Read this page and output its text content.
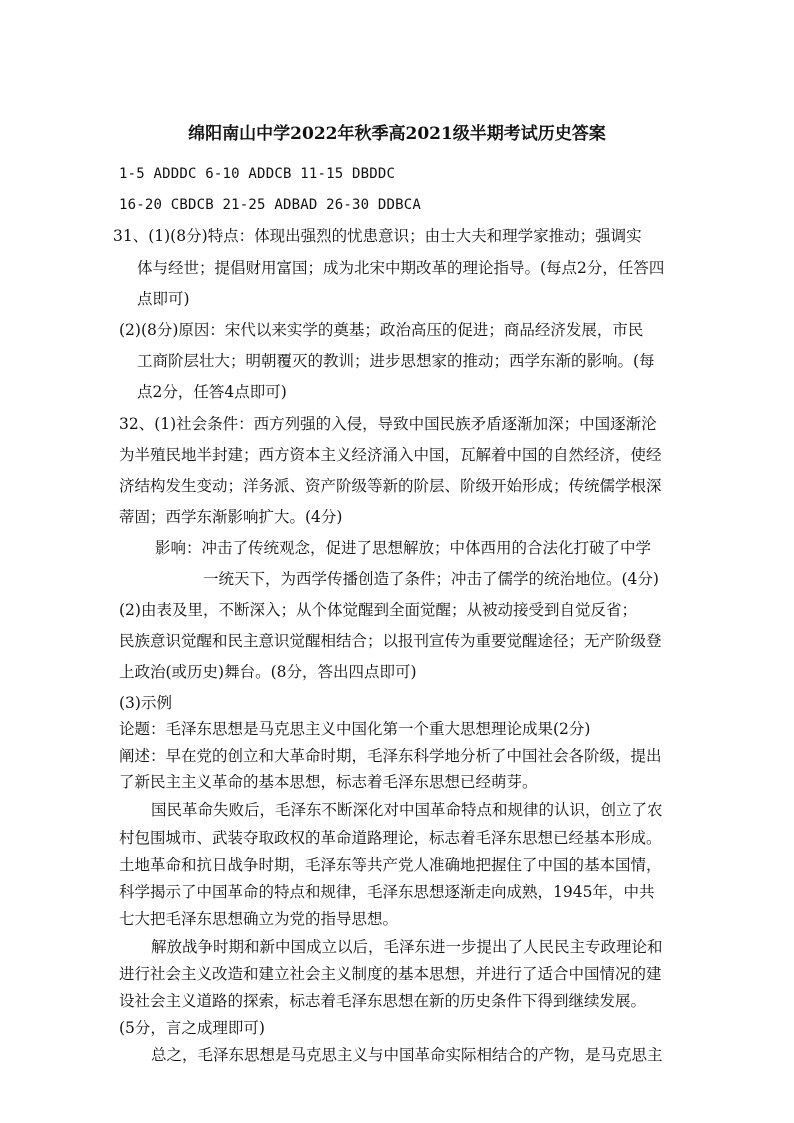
绵阳南山中学2022年秋季高2021级半期考试历史答案
1-5 ADDDC 6-10 ADDCB 11-15 DBDDC
16-20 CBDCB 21-25 ADBAD 26-30 DDBCA
31、(1)(8分)特点：体现出强烈的忧患意识；由士大夫和理学家推动；强调实
体与经世；提倡财用富国；成为北宋中期改革的理论指导。(每点2分，任答四
点即可)
(2)(8分)原因：宋代以来实学的奠基；政治高压的促进；商品经济发展，市民
工商阶层壮大；明朝覆灭的教训；进步思想家的推动；西学东渐的影响。(每
点2分，任答4点即可)
32、(1)社会条件：西方列强的入侵，导致中国民族矛盾逐渐加深；中国逐渐沦
为半殖民地半封建；西方资本主义经济涌入中国，瓦解着中国的自然经济，使经
济结构发生变动；洋务派、资产阶级等新的阶层、阶级开始形成；传统儒学根深
蒂固；西学东渐影响扩大。(4分)
影响：冲击了传统观念，促进了思想解放；中体西用的合法化打破了中学
一统天下，为西学传播创造了条件；冲击了儒学的统治地位。(4分)
(2)由表及里，不断深入；从个体觉醒到全面觉醒；从被动接受到自觉反省；
民族意识觉醒和民主意识觉醒相结合；以报刊宣传为重要觉醒途径；无产阶级登
上政治(或历史)舞台。(8分，答出四点即可)
(3)示例
论题：毛泽东思想是马克思主义中国化第一个重大思想理论成果(2分)
阐述：早在党的创立和大革命时期，毛泽东科学地分析了中国社会各阶级，提出
了新民主主义革命的基本思想，标志着毛泽东思想已经萌芽。
国民革命失败后，毛泽东不断深化对中国革命特点和规律的认识，创立了农
村包围城市、武装夺取政权的革命道路理论，标志着毛泽东思想已经基本形成。
土地革命和抗日战争时期，毛泽东等共产党人准确地把握住了中国的基本国情，
科学揭示了中国革命的特点和规律，毛泽东思想逐渐走向成熟，1945年，中共
七大把毛泽东思想确立为党的指导思想。
解放战争时期和新中国成立以后，毛泽东进一步提出了人民民主专政理论和
进行社会主义改造和建立社会主义制度的基本思想，并进行了适合中国情况的建
设社会主义道路的探索，标志着毛泽东思想在新的历史条件下得到继续发展。
(5分，言之成理即可)
总之，毛泽东思想是马克思主义与中国革命实际相结合的产物，是马克思主
